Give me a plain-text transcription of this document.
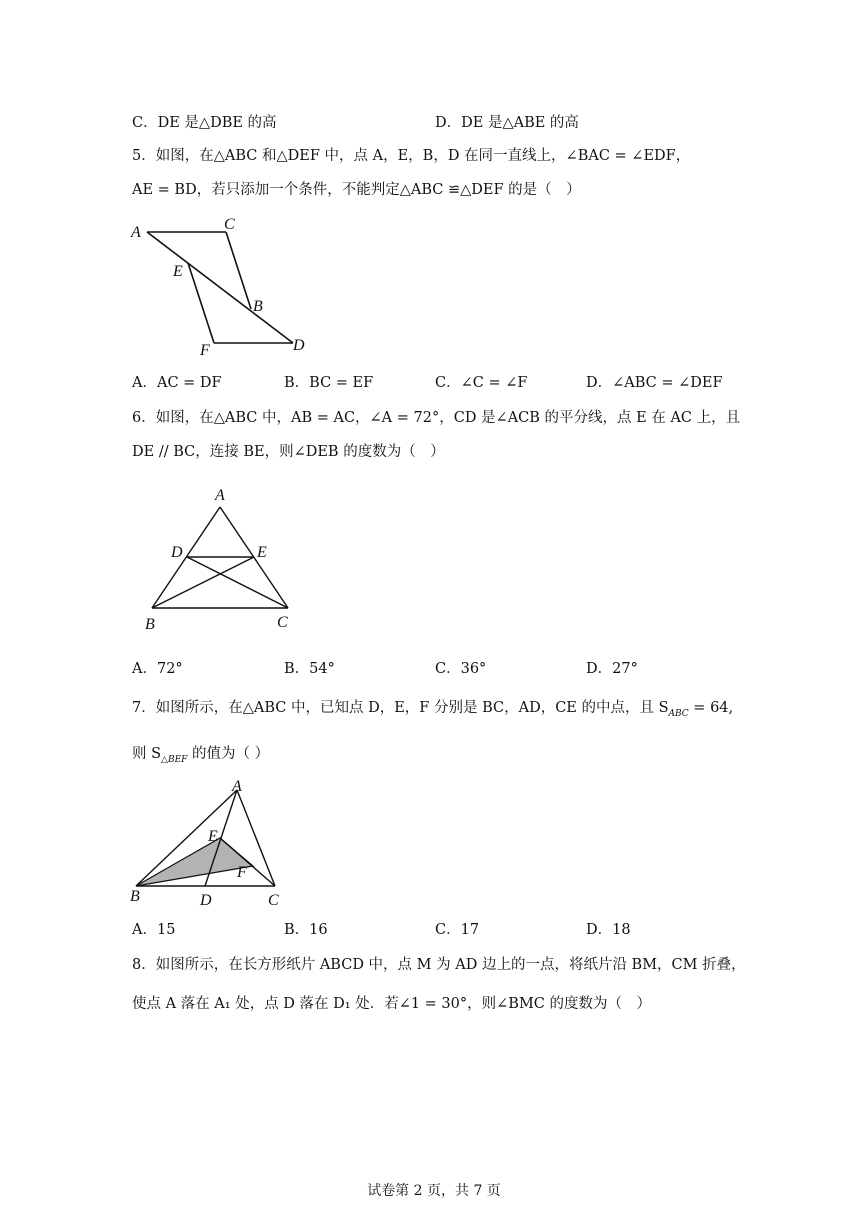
C．DE 是△DBE 的高	D．DE 是△ABE 的高
5．如图，在△ABC 和△DEF 中，点 A，E，B，D 在同一直线上，∠BAC = ∠EDF，
AE = BD，若只添加一个条件，不能判定△ABC ≌△DEF 的是（　）
A	C
E
B
F	D
A．AC = DF	B．BC = EF	C．∠C = ∠F	D．∠ABC = ∠DEF
6．如图，在△ABC 中，AB = AC，∠A = 72°，CD 是∠ACB 的平分线，点 E 在 AC 上，且
DE // BC，连接 BE，则∠DEB 的度数为（　）
A
D	E
B	C
A．72°	B．54°	C．36°	D．27°
7．如图所示，在△ABC 中，已知点 D，E，F 分别是 BC，AD，CE 的中点，且 $S_{ABC} = 64$,
则 $S_{\triangle BEF}$ 的值为（ ）
A
E
F
B	D	C
A．15	B．16	C．17	D．18
8．如图所示，在长方形纸片 ABCD 中，点 M 为 AD 边上的一点，将纸片沿 BM，CM 折叠，
使点 A 落在 A₁ 处，点 D 落在 D₁ 处．若∠1 = 30°，则∠BMC 的度数为（　）
试卷第 2 页，共 7 页
